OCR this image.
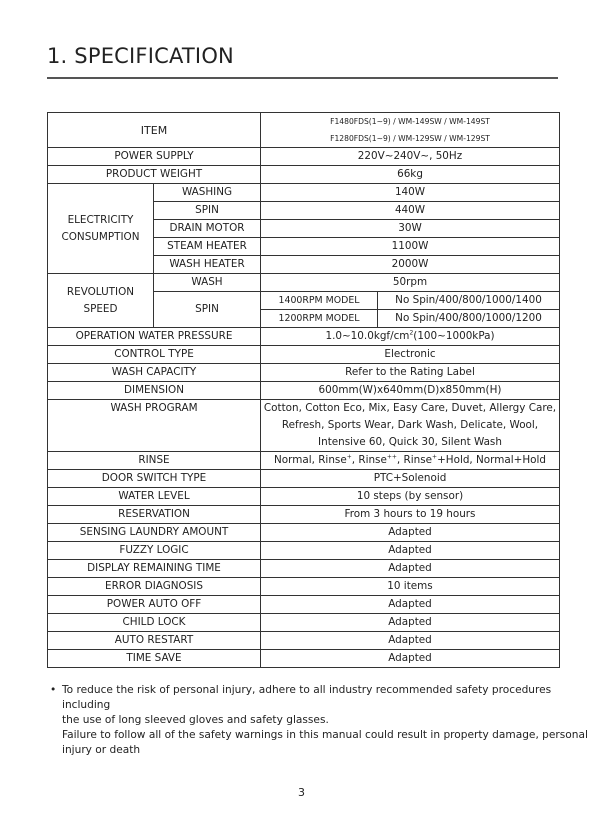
1. SPECIFICATION
ITEM		F1480FDS(1~9) / WM-149SW / WM-149ST
F1280FDS(1~9) / WM-129SW / WM-129ST	

POWER SUPPLY		220V~240V~, 50Hz	
PRODUCT WEIGHT		66kg	

ELECTRICITY
CONSUMPTION	WASHING	140W	
	SPIN	440W	
	DRAIN MOTOR	30W	
	STEAM HEATER	1100W	
	WASH HEATER	2000W	

REVOLUTION
SPEED	WASH	50rpm	
	SPIN	1400RPM MODEL	No Spin/400/800/1000/1400
		1200RPM MODEL	No Spin/400/800/1000/1200
OPERATION WATER PRESSURE		$1.0\sim 10.0kgf/cm^2(100\sim 1000kPa)$	
CONTROL TYPE		Electronic	
WASH CAPACITY		Refer to the Rating Label	
DIMENSION		600mm(W)x640mm(D)x850mm(H)	
WASH PROGRAM		Cotton, Cotton Eco, Mix, Easy Care, Duvet, Allergy Care,
Refresh, Sports Wear, Dark Wash, Delicate, Wool,
Intensive 60, Quick 30, Silent Wash	

RINSE		Normal, Rinse+, Rinse++, Rinse++Hold, Normal+Hold	
DOOR SWITCH TYPE		PTC+Solenoid	
WATER LEVEL		10 steps (by sensor)	
RESERVATION		From 3 hours to 19 hours	
SENSING LAUNDRY AMOUNT		Adapted	
FUZZY LOGIC		Adapted	
DISPLAY REMAINING TIME		Adapted	
ERROR DIAGNOSIS		10 items	
POWER AUTO OFF		Adapted	
CHILD LOCK		Adapted	
AUTO RESTART		Adapted	
TIME SAVE		Adapted	
• To reduce the risk of personal injury, adhere to all industry recommended safety procedures including
the use of long sleeved gloves and safety glasses.
Failure to follow all of the safety warnings in this manual could result in property damage, personal
injury or death
3
